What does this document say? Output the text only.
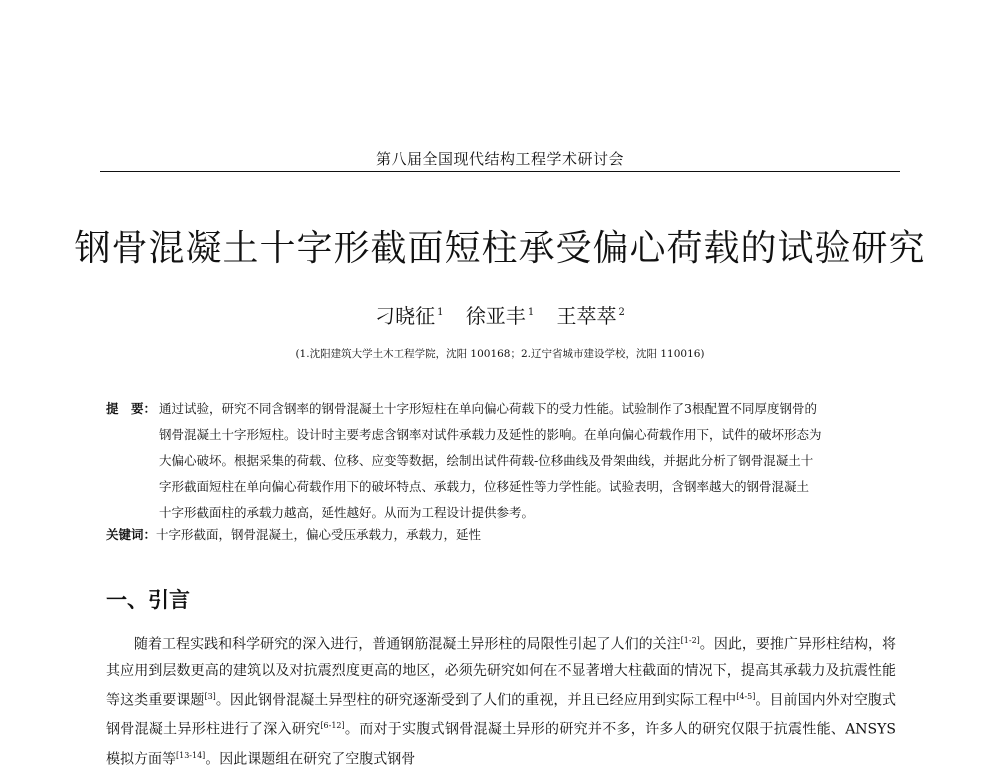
第八届全国现代结构工程学术研讨会
钢骨混凝土十字形截面短柱承受偏心荷载的试验研究
刁晓征 $^1$ 徐亚丰 $^1$ 王萃萃 $^2$
(1.沈阳建筑大学土木工程学院，沈阳 100168；2.辽宁省城市建设学校，沈阳 110016)
提　要： 通过试验，研究不同含钢率的钢骨混凝土十字形短柱在单向偏心荷载下的受力性能。试验制作了3根配置不同厚度钢骨的
钢骨混凝土十字形短柱。设计时主要考虑含钢率对试件承载力及延性的影响。在单向偏心荷载作用下，试件的破坏形态为
大偏心破坏。根据采集的荷载、位移、应变等数据，绘制出试件荷载-位移曲线及骨架曲线，并据此分析了钢骨混凝土十
字形截面短柱在单向偏心荷载作用下的破坏特点、承载力，位移延性等力学性能。试验表明，含钢率越大的钢骨混凝土
十字形截面柱的承载力越高，延性越好。从而为工程设计提供参考。
关键词：十字形截面，钢骨混凝土，偏心受压承载力，承载力，延性
一、引言

随着工程实践和科学研究的深入进行，普通钢筋混凝土异形柱的局限性引起了人们的关注[1-2]。因此，要推广异形柱结构，将其应用到层数更高的建筑以及对抗震烈度更高的地区，必须先研究如何在不显著增大柱截面的情况下，提高其承载力及抗震性能等这类重要课题[3]。因此钢骨混凝土异型柱的研究逐渐受到了人们的重视，并且已经应用到实际工程中[4-5]。目前国内外对空腹式钢骨混凝土异形柱进行了深入研究[6-12]。而对于实腹式钢骨混凝土异形的研究并不多，许多人的研究仅限于抗震性能、ANSYS 模拟方面等[13-14]。因此课题组在研究了空腹式钢骨
